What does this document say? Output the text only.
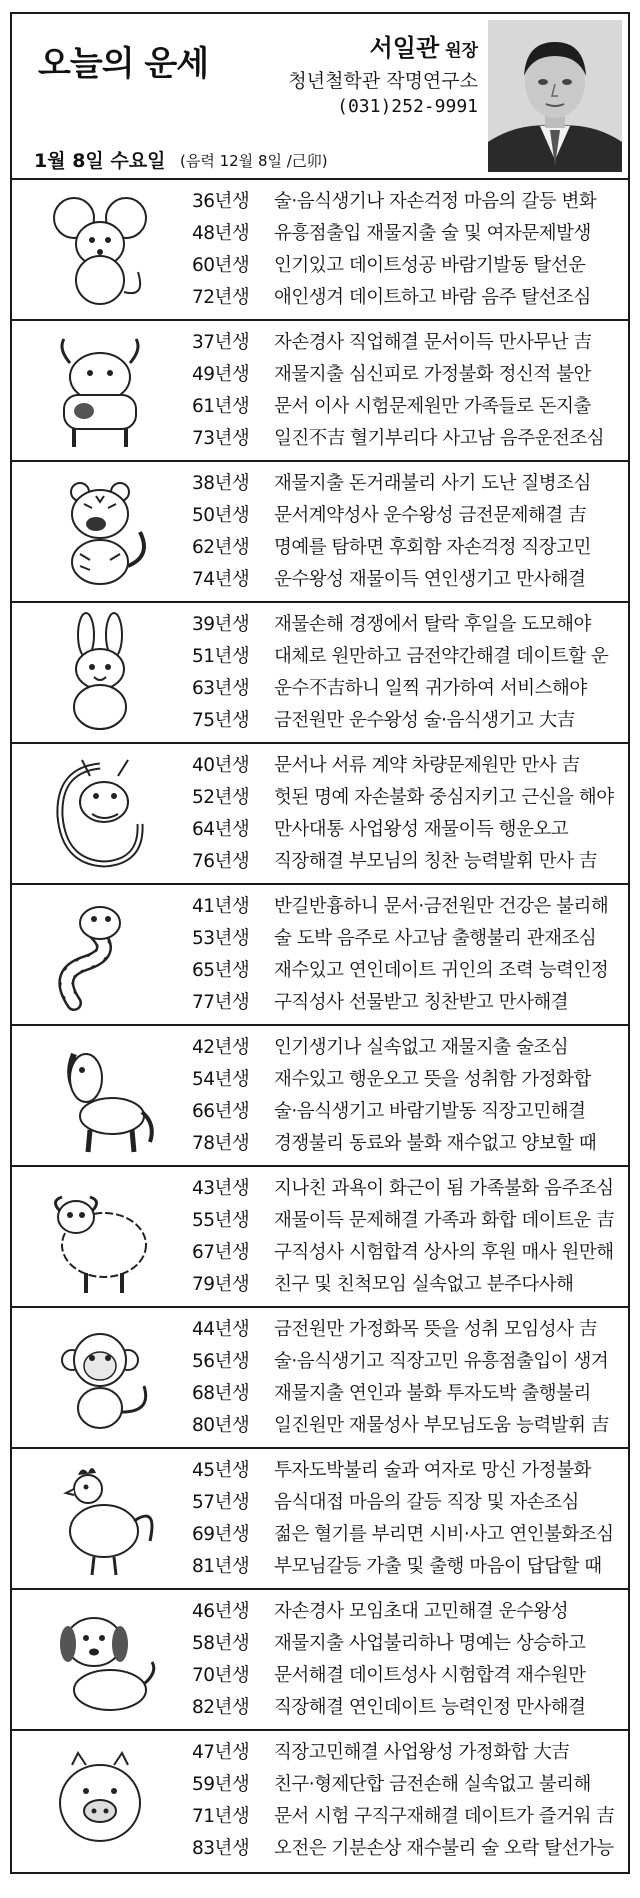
오늘의 운세	서일관 원장
청년철학관 작명연구소
(031)252-9991
1월 8일 수요일 (음력 12월 8일 /己卯)
36년생 술·음식생기나 자손걱정 마음의 갈등 변화
48년생 유흥점출입 재물지출 술 및 여자문제발생
60년생 인기있고 데이트성공 바람기발동 탈선운
72년생 애인생겨 데이트하고 바람 음주 탈선조심
37년생 자손경사 직업해결 문서이득 만사무난 吉
49년생 재물지출 심신피로 가정불화 정신적 불안
61년생 문서 이사 시험문제원만 가족들로 돈지출
73년생 일진不吉 혈기부리다 사고남 음주운전조심
38년생 재물지출 돈거래불리 사기 도난 질병조심
50년생 문서계약성사 운수왕성 금전문제해결 吉
62년생 명예를 탐하면 후회함 자손걱정 직장고민
74년생 운수왕성 재물이득 연인생기고 만사해결
39년생 재물손해 경쟁에서 탈락 후일을 도모해야
51년생 대체로 원만하고 금전약간해결 데이트할 운
63년생 운수不吉하니 일찍 귀가하여 서비스해야
75년생 금전원만 운수왕성 술·음식생기고 大吉
40년생 문서나 서류 계약 차량문제원만 만사 吉
52년생 헛된 명예 자손불화 중심지키고 근신을 해야
64년생 만사대통 사업왕성 재물이득 행운오고
76년생 직장해결 부모님의 칭찬 능력발휘 만사 吉
41년생 반길반흉하니 문서·금전원만 건강은 불리해
53년생 술 도박 음주로 사고남 출행불리 관재조심
65년생 재수있고 연인데이트 귀인의 조력 능력인정
77년생 구직성사 선물받고 칭찬받고 만사해결
42년생 인기생기나 실속없고 재물지출 술조심
54년생 재수있고 행운오고 뜻을 성취함 가정화합
66년생 술·음식생기고 바람기발동 직장고민해결
78년생 경쟁불리 동료와 불화 재수없고 양보할 때
43년생 지나친 과욕이 화근이 됨 가족불화 음주조심
55년생 재물이득 문제해결 가족과 화합 데이트운 吉
67년생 구직성사 시험합격 상사의 후원 매사 원만해
79년생 친구 및 친척모임 실속없고 분주다사해
44년생 금전원만 가정화목 뜻을 성취 모임성사 吉
56년생 술·음식생기고 직장고민 유흥점출입이 생겨
68년생 재물지출 연인과 불화 투자도박 출행불리
80년생 일진원만 재물성사 부모님도움 능력발휘 吉
45년생 투자도박불리 술과 여자로 망신 가정불화
57년생 음식대접 마음의 갈등 직장 및 자손조심
69년생 젊은 혈기를 부리면 시비·사고 연인불화조심
81년생 부모님갈등 가출 및 출행 마음이 답답할 때
46년생 자손경사 모임초대 고민해결 운수왕성
58년생 재물지출 사업불리하나 명예는 상승하고
70년생 문서해결 데이트성사 시험합격 재수원만
82년생 직장해결 연인데이트 능력인정 만사해결
47년생 직장고민해결 사업왕성 가정화합 大吉
59년생 친구·형제단합 금전손해 실속없고 불리해
71년생 문서 시험 구직구재해결 데이트가 즐거워 吉
83년생 오전은 기분손상 재수불리 술 오락 탈선가능
